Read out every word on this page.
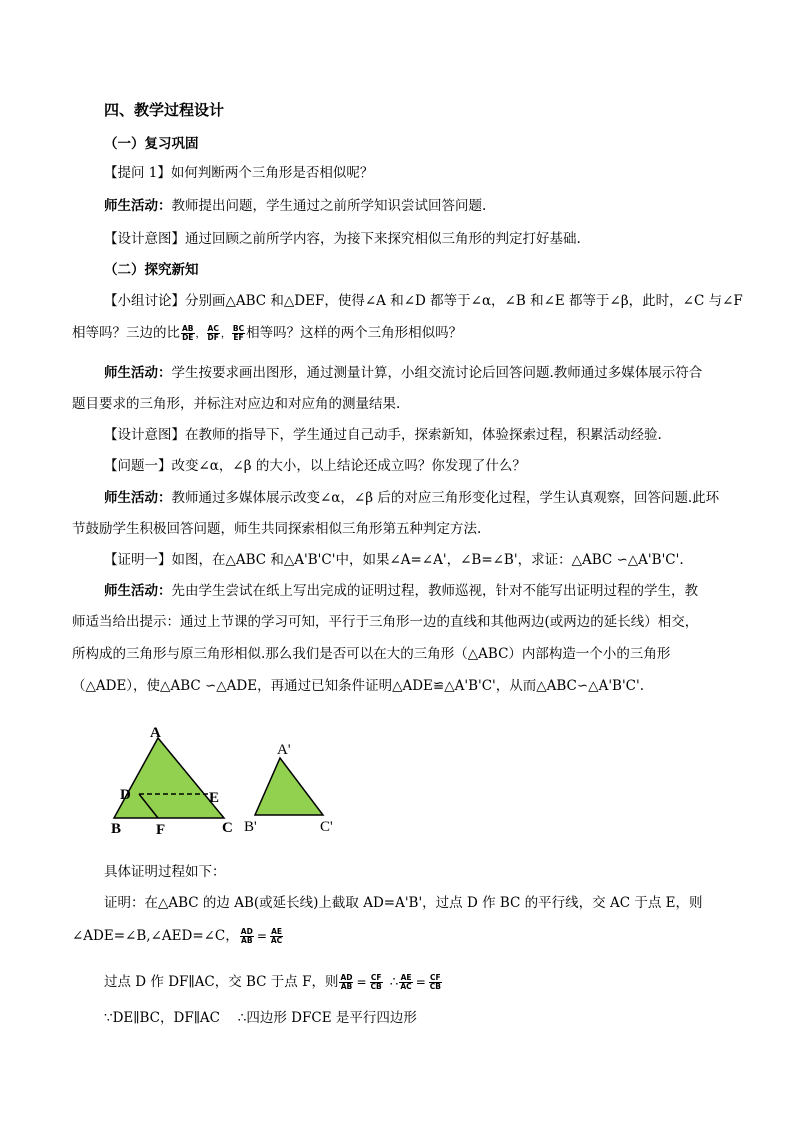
四、教学过程设计
（一）复习巩固
【提问 1】如何判断两个三角形是否相似呢？
师生活动：教师提出问题，学生通过之前所学知识尝试回答问题.
【设计意图】通过回顾之前所学内容，为接下来探究相似三角形的判定打好基础.
（二）探究新知
【小组讨论】分别画△ABC 和△DEF，使得∠A 和∠D 都等于∠α，∠B 和∠E 都等于∠β，此时，∠C 与∠F
相等吗？三边的比 $\frac{AB}{DE}$ ， $\frac{AC}{DF}$ ， $\frac{BC}{EF}$ 相等吗？这样的两个三角形相似吗？
师生活动：学生按要求画出图形，通过测量计算，小组交流讨论后回答问题.教师通过多媒体展示符合
题目要求的三角形，并标注对应边和对应角的测量结果.
【设计意图】在教师的指导下，学生通过自己动手，探索新知，体验探索过程，积累活动经验.
【问题一】改变∠α，∠β 的大小，以上结论还成立吗？你发现了什么？
师生活动：教师通过多媒体展示改变∠α，∠β 后的对应三角形变化过程，学生认真观察，回答问题.此环
节鼓励学生积极回答问题，师生共同探索相似三角形第五种判定方法.
【证明一】如图，在△ABC 和△A'B'C'中，如果∠A=∠A'，∠B=∠B'，求证：△ABC ∽△A'B'C'.
师生活动：先由学生尝试在纸上写出完成的证明过程，教师巡视，针对不能写出证明过程的学生，教
师适当给出提示：通过上节课的学习可知，平行于三角形一边的直线和其他两边(或两边的延长线）相交，
所构成的三角形与原三角形相似.那么我们是否可以在大的三角形（△ABC）内部构造一个小的三角形
（△ADE），使△ABC ∽△ADE，再通过已知条件证明△ADE≌△A'B'C'，从而△ABC∽△A'B'C'.
A
B	C
D	E
F
A'
B'	C'
具体证明过程如下：
证明：在△ABC 的边 AB(或延长线)上截取 AD=A'B'，过点 D 作 BC 的平行线，交 AC 于点 E，则
∠ADE=∠B,∠AED=∠C， $\frac{AD}{AB} = \frac{AE}{AC}$
过点 D 作 DF∥AC，交 BC 于点 F，则 $\frac{AD}{AB} = \frac{CF}{CB}$ ∴ $\frac{AE}{AC} = \frac{CF}{CB}$
∵DE∥BC，DF∥AC　 ∴四边形 DFCE 是平行四边形
